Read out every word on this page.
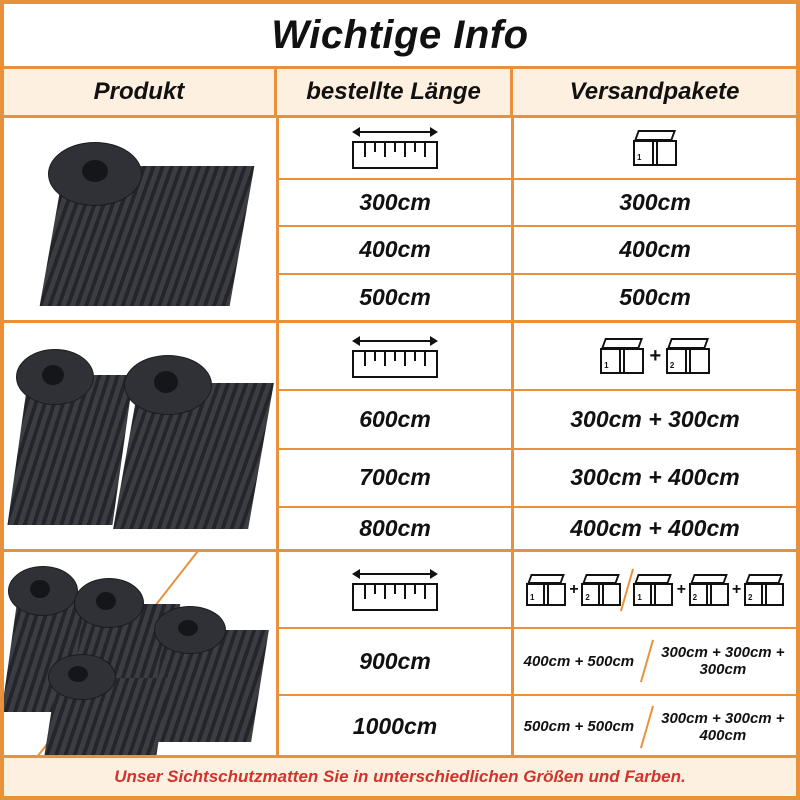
Wichtige Info
Produkt	bestellte Länge	Versandpakete
1
300cm	300cm
400cm	400cm
500cm	500cm
1 + 2
600cm	300cm + 300cm
700cm	300cm + 400cm
800cm	400cm + 400cm
1 + 2	1 + 2 + 2
900cm	400cm + 500cm	300cm + 300cm + 300cm
1000cm	500cm + 500cm	300cm + 300cm + 400cm
Unser Sichtschutzmatten Sie in unterschiedlichen Größen und Farben.
